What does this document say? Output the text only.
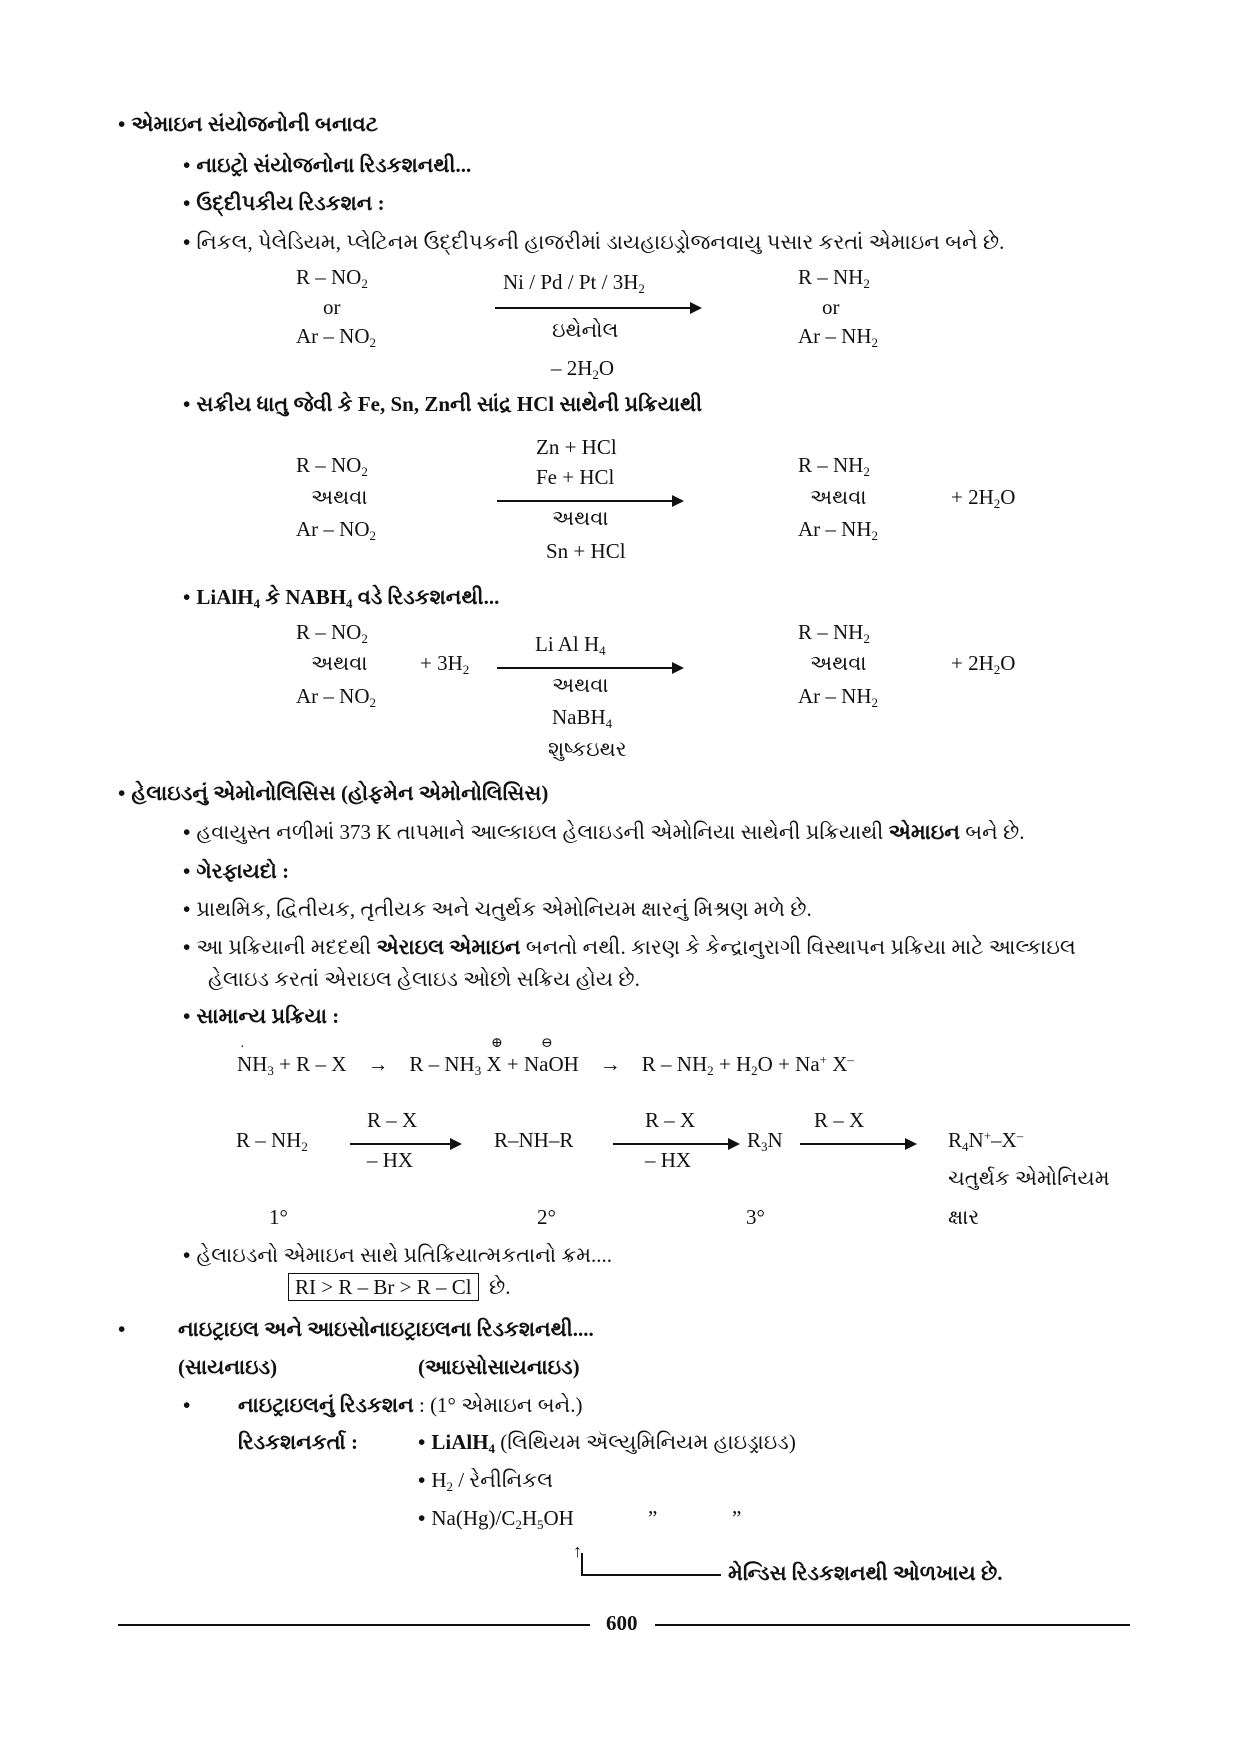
• એમાઇન સંયોજનોની બનાવટ
• નાઇટ્રો સંયોજનોના રિડકશનથી...
• ઉદ્દીપકીય રિડકશન :
• નિકલ, પેલેડિયમ, પ્લેટિનમ ઉદ્દીપકની હાજરીમાં ડાયહાઇડ્રોજનવાયુ પસાર કરતાં એમાઇન બને છે.
R – $NO_2$
or
Ar – $NO_2$
Ni / Pd / Pt / $3H_2$
ઇથેનોલ
– $2H_2O$
R – $NH_2$
or
Ar – $NH_2$
• સક્રીય ધાતુ જેવી કે Fe, Sn, Znની સાંદ્ર HCl સાથેની પ્રક્રિયાથી
Zn + HCl
Fe + HCl
R – $NO_2$
અથવા
Ar – $NO_2$
અથવા
Sn + HCl
R – $NH_2$
અથવા
Ar – $NH_2$
+ $2H_2O$
• LiAlH$_4$ કે $NABH_4$ વડે રિડકશનથી...
R – $NO_2$
અથવા
Ar – $NO_2$
+ $3H_2$
Li Al $H_4$
અથવા
NaBH$_4$
શુષ્કઇથર
R – $NH_2$
અથવા
Ar – $NH_2$
+ $2H_2O$
• હેલાઇડનું એમોનોલિસિસ (હોફમેન એમોનોલિસિસ)
• હવાયુસ્ત નળીમાં 373 K તાપમાને આલ્કાઇલ હેલાઇડની એમોનિયા સાથેની પ્રક્રિયાથી એમાઇન બને છે.
• ગેરફાયદો :
• પ્રાથમિક, દ્વિતીયક, તૃતીયક અને ચતુર્થક એમોનિયમ ક્ષારનું મિશ્રણ મળે છે.
• આ પ્રક્રિયાની મદદથી એરાઇલ એમાઇન બનતો નથી. કારણ કે કેન્દ્રાનુરાગી વિસ્થાપન પ્રક્રિયા માટે આલ્કાઇલ
હેલાઇડ કરતાં એરાઇલ હેલાઇડ ઓછો સક્રિય હોય છે.
• સામાન્ય પ્રક્રિયા :
$NH_3 + R - X \to R - NH_3$ X + NaOH → $R - NH_2 + H_2O + Na^+$ X–
·	⊕	⊖
R – $NH_2$
R – X
– HX
R–NH–R
R – X
– HX
$R_3N$
R – X
$R_4N^+-X^-$
ચતુર્થક એમોનિયમ
ક્ષાર
1°	2°	3°
• હેલાઇડનો એમાઇન સાથે પ્રતિક્રિયાત્મકતાનો ક્રમ....
RI > R – Br > R – Cl છે.
•	નાઇટ્રાઇલ અને આઇસોનાઇટ્રાઇલના રિડકશનથી....
(સાયનાઇડ)	(આઇસોસાયનાઇડ)
• નાઇટ્રાઇલનું રિડકશન : (1° એમાઇન બને.)
રિડકશનકર્તા :	• LiAlH$_4$ (લિથિયમ ઍલ્યુમિનિયમ હાઇડ્રાઇડ)
• $H_2$ / રેનીનિકલ
• $Na(Hg)/C_2H_5OH$	”	”
↑
મેન્ડિસ રિડકશનથી ઓળખાય છે.
600
